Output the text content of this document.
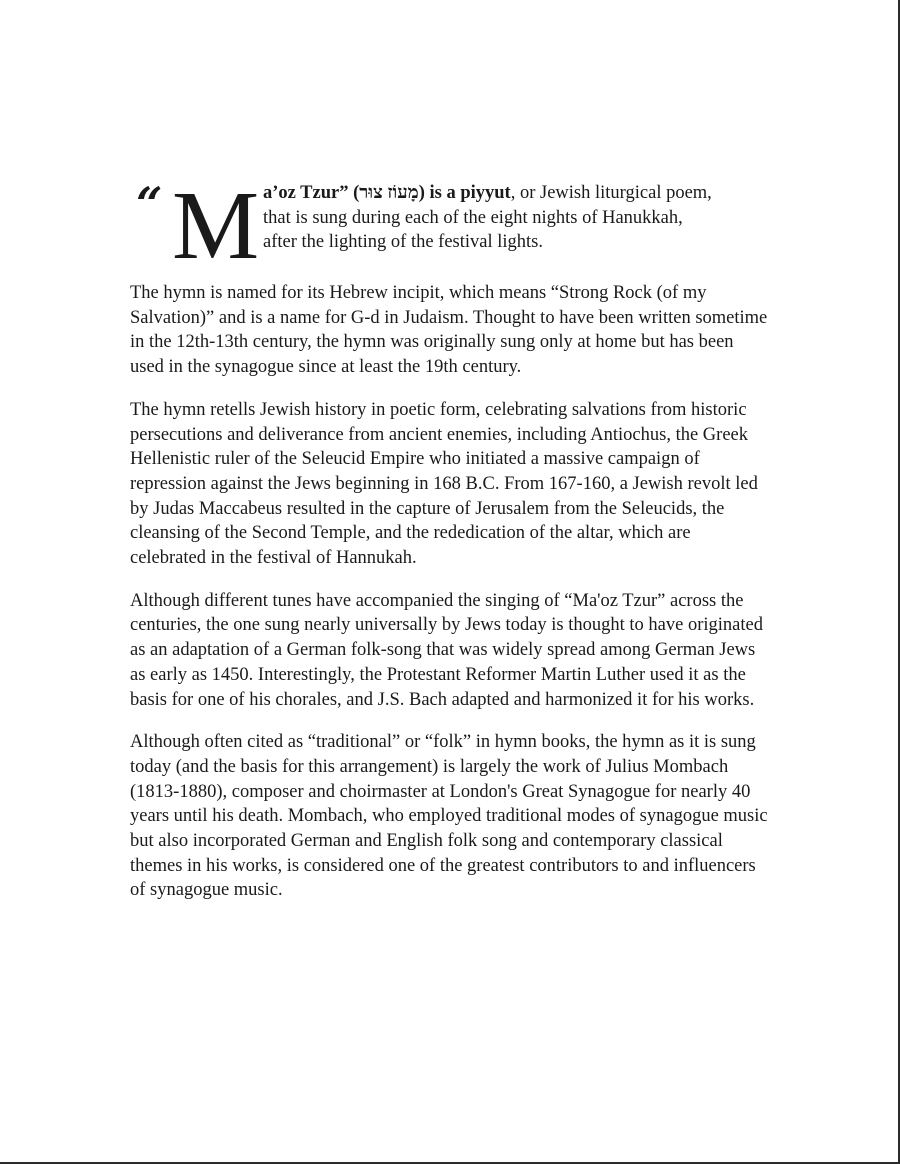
“ M a’oz Tzur” (מָעוֹז צוּר) is a piyyut, or Jewish liturgical poem,
that is sung during each of the eight nights of Hanukkah,
after the lighting of the festival lights.

The hymn is named for its Hebrew incipit, which means “Strong Rock (of my Salvation)” and is a name for G-d in Judaism. Thought to have been written sometime in the 12th-13th century, the hymn was originally sung only at home but has been used in the synagogue since at least the 19th century.

The hymn retells Jewish history in poetic form, celebrating salvations from historic persecutions and deliverance from ancient enemies, including Antiochus, the Greek Hellenistic ruler of the Seleucid Empire who initiated a massive campaign of repression against the Jews beginning in 168 B.C. From 167-160, a Jewish revolt led by Judas Maccabeus resulted in the capture of Jerusalem from the Seleucids, the cleansing of the Second Temple, and the rededication of the altar, which are celebrated in the festival of Hannukah.

Although different tunes have accompanied the singing of “Ma'oz Tzur” across the centuries, the one sung nearly universally by Jews today is thought to have originated as an adaptation of a German folk-song that was widely spread among German Jews as early as 1450. Interestingly, the Protestant Reformer Martin Luther used it as the basis for one of his chorales, and J.S. Bach adapted and harmonized it for his works.

Although often cited as “traditional” or “folk” in hymn books, the hymn as it is sung today (and the basis for this arrangement) is largely the work of Julius Mombach (1813-1880), composer and choirmaster at London's Great Synagogue for nearly 40 years until his death. Mombach, who employed traditional modes of synagogue music but also incorporated German and English folk song and contemporary classical themes in his works, is considered one of the greatest contributors to and influencers of synagogue music.
